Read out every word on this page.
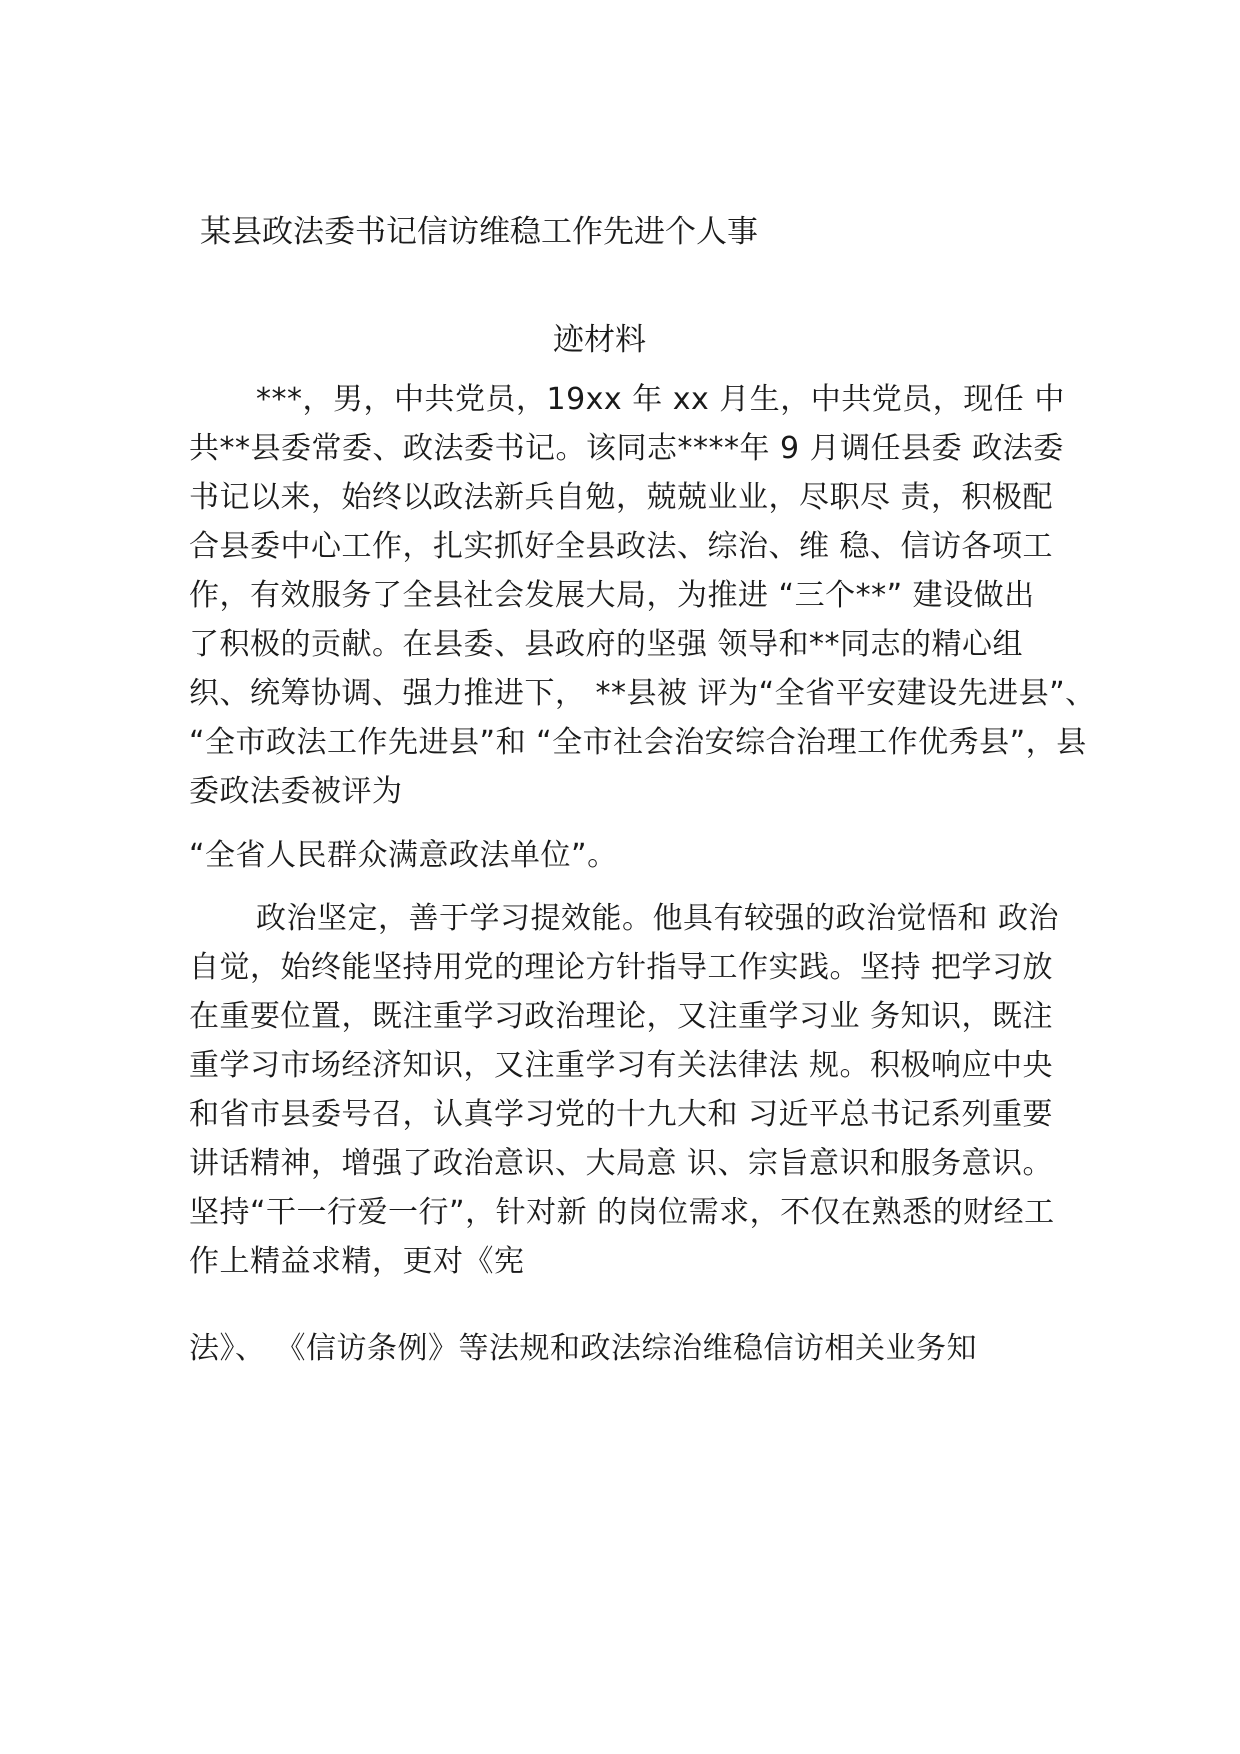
某县政法委书记信访维稳工作先进个人事
迹材料
***，男，中共党员，19xx 年 xx 月生，中共党员，现任 中
共**县委常委、政法委书记。该同志****年 9 月调任县委 政法委
书记以来，始终以政法新兵自勉，兢兢业业，尽职尽 责，积极配
合县委中心工作，扎实抓好全县政法、综治、维 稳、信访各项工
作，有效服务了全县社会发展大局，为推进 “三个**” 建设做出
了积极的贡献。在县委、县政府的坚强 领导和**同志的精心组
织、统筹协调、强力推进下， **县被 评为“全省平安建设先进县”、
“全市政法工作先进县”和 “全市社会治安综合治理工作优秀县”，县
委政法委被评为
“全省人民群众满意政法单位”。
政治坚定，善于学习提效能。他具有较强的政治觉悟和 政治
自觉，始终能坚持用党的理论方针指导工作实践。坚持 把学习放
在重要位置，既注重学习政治理论，又注重学习业 务知识，既注
重学习市场经济知识，又注重学习有关法律法 规。积极响应中央
和省市县委号召，认真学习党的十九大和 习近平总书记系列重要
讲话精神，增强了政治意识、大局意 识、宗旨意识和服务意识。
坚持“干一行爱一行”，针对新 的岗位需求，不仅在熟悉的财经工
作上精益求精，更对《宪
法》、 《信访条例》等法规和政法综治维稳信访相关业务知
